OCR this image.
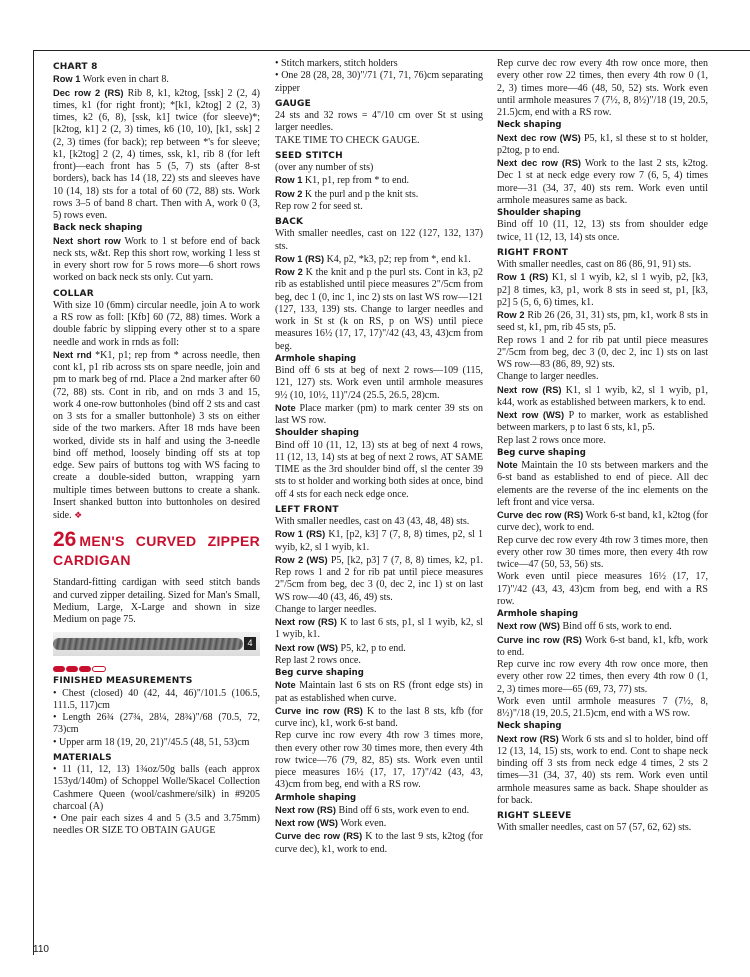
CHART 8

Row 1 Work even in chart 8.

Dec row 2 (RS) Rib 8, k1, k2tog, [ssk] 2 (2, 4) times, k1 (for right front); *[k1, k2tog] 2 (2, 3) times, k2 (6, 8), [ssk, k1] twice (for sleeve)*; [k2tog, k1] 2 (2, 3) times, k6 (10, 10), [k1, ssk] 2 (2, 3) times (for back); rep between *'s for sleeve; k1, [k2tog] 2 (2, 4) times, ssk, k1, rib 8 (for left front)—each front has 5 (5, 7) sts (after 8-st borders), back has 14 (18, 22) sts and sleeves have 10 (14, 18) sts for a total of 60 (72, 88) sts. Work rows 3–5 of band 8 chart. Then with A, work 0 (3, 5) rows even.

Back neck shaping

Next short row Work to 1 st before end of back neck sts, w&t. Rep this short row, working 1 less st in every short row for 5 rows more—6 short rows worked on back neck sts only. Cut yarn.

COLLAR

With size 10 (6mm) circular needle, join A to work a RS row as foll: [Kfb] 60 (72, 88) times. Work a double fabric by slipping every other st to a spare needle and work in rnds as foll:

Next rnd *K1, p1; rep from * across needle, then cont k1, p1 rib across sts on spare needle, join and pm to mark beg of rnd. Place a 2nd marker after 60 (72, 88) sts. Cont in rib, and on rnds 3 and 15, work 4 one-row buttonholes (bind off 2 sts and cast on 3 sts for a smaller buttonhole) 3 sts on either side of the two markers. After 18 rnds have been worked, divide sts in half and using the 3-needle bind off method, loosely binding off sts at top edge. Sew pairs of buttons tog with WS facing to create a double-sided button, wrapping yarn multiple times between buttons to create a shank. Insert shanked button into buttonholes on desired side. ❖

26 MEN'S CURVED ZIPPER CARDIGAN

Standard-fitting cardigan with seed stitch bands and curved zipper detailing. Sized for Man's Small, Medium, Large, X-Large and shown in size Medium on page 75.

4
FINISHED MEASUREMENTS

• Chest (closed) 40 (42, 44, 46)"/101.5 (106.5, 111.5, 117)cm

• Length 26¾ (27¾, 28¼, 28¾)"/68 (70.5, 72, 73)cm

• Upper arm 18 (19, 20, 21)"/45.5 (48, 51, 53)cm

MATERIALS

• 11 (11, 12, 13) 1¾oz/50g balls (each approx 153yd/140m) of Schoppel Wolle/Skacel Collection Cashmere Queen (wool/cashmere/silk) in #9205 charcoal (A)

• One pair each sizes 4 and 5 (3.5 and 3.75mm) needles OR SIZE TO OBTAIN GAUGE

• Stitch markers, stitch holders

• One 28 (28, 28, 30)"/71 (71, 71, 76)cm separating zipper

GAUGE

24 sts and 32 rows = 4"/10 cm over St st using larger needles.

TAKE TIME TO CHECK GAUGE.

SEED STITCH

(over any number of sts)

Row 1 K1, p1, rep from * to end.

Row 2 K the purl and p the knit sts.

Rep row 2 for seed st.

BACK

With smaller needles, cast on 122 (127, 132, 137) sts.

Row 1 (RS) K4, p2, *k3, p2; rep from *, end k1.

Row 2 K the knit and p the purl sts. Cont in k3, p2 rib as established until piece measures 2"/5cm from beg, dec 1 (0, inc 1, inc 2) sts on last WS row—121 (127, 133, 139) sts. Change to larger needles and work in St st (k on RS, p on WS) until piece measures 16½ (17, 17, 17)"/42 (43, 43, 43)cm from beg.

Armhole shaping

Bind off 6 sts at beg of next 2 rows—109 (115, 121, 127) sts. Work even until armhole measures 9½ (10, 10½, 11)"/24 (25.5, 26.5, 28)cm.

Note Place marker (pm) to mark center 39 sts on last WS row.

Shoulder shaping

Bind off 10 (11, 12, 13) sts at beg of next 4 rows, 11 (12, 13, 14) sts at beg of next 2 rows, AT SAME TIME as the 3rd shoulder bind off, sl the center 39 sts to st holder and working both sides at once, bind off 4 sts for each neck edge once.

LEFT FRONT

With smaller needles, cast on 43 (43, 48, 48) sts.

Row 1 (RS) K1, [p2, k3] 7 (7, 8, 8) times, p2, sl 1 wyib, k2, sl 1 wyib, k1.

Row 2 (WS) P5, [k2, p3] 7 (7, 8, 8) times, k2, p1. Rep rows 1 and 2 for rib pat until piece measures 2"/5cm from beg, dec 3 (0, dec 2, inc 1) st on last WS row—40 (43, 46, 49) sts.

Change to larger needles.

Next row (RS) K to last 6 sts, p1, sl 1 wyib, k2, sl 1 wyib, k1.

Next row (WS) P5, k2, p to end.

Rep last 2 rows once.

Beg curve shaping

Note Maintain last 6 sts on RS (front edge sts) in pat as established when curve.

Curve inc row (RS) K to the last 8 sts, kfb (for curve inc), k1, work 6-st band.

Rep curve inc row every 4th row 3 times more, then every other row 30 times more, then every 4th row twice—76 (79, 82, 85) sts. Work even until piece measures 16½ (17, 17, 17)"/42 (43, 43, 43)cm from beg, end with a RS row.

Armhole shaping

Next row (RS) Bind off 6 sts, work even to end.

Next row (WS) Work even.

Curve dec row (RS) K to the last 9 sts, k2tog (for curve dec), k1, work to end.

Rep curve dec row every 4th row once more, then every other row 22 times, then every 4th row 0 (1, 2, 3) times more—46 (48, 50, 52) sts. Work even until armhole measures 7 (7½, 8, 8½)"/18 (19, 20.5, 21.5)cm, end with a RS row.

Neck shaping

Next dec row (WS) P5, k1, sl these st to st holder, p2tog, p to end.

Next dec row (RS) Work to the last 2 sts, k2tog. Dec 1 st at neck edge every row 7 (6, 5, 4) times more—31 (34, 37, 40) sts rem. Work even until armhole measures same as back.

Shoulder shaping

Bind off 10 (11, 12, 13) sts from shoulder edge twice, 11 (12, 13, 14) sts once.

RIGHT FRONT

With smaller needles, cast on 86 (86, 91, 91) sts.

Row 1 (RS) K1, sl 1 wyib, k2, sl 1 wyib, p2, [k3, p2] 8 times, k3, p1, work 8 sts in seed st, p1, [k3, p2] 5 (5, 6, 6) times, k1.

Row 2 Rib 26 (26, 31, 31) sts, pm, k1, work 8 sts in seed st, k1, pm, rib 45 sts, p5.

Rep rows 1 and 2 for rib pat until piece measures 2"/5cm from beg, dec 3 (0, dec 2, inc 1) sts on last WS row—83 (86, 89, 92) sts.

Change to larger needles.

Next row (RS) K1, sl 1 wyib, k2, sl 1 wyib, p1, k44, work as established between markers, k to end.

Next row (WS) P to marker, work as established between markers, p to last 6 sts, k1, p5.

Rep last 2 rows once more.

Beg curve shaping

Note Maintain the 10 sts between markers and the 6-st band as established to end of piece. All dec elements are the reverse of the inc elements on the left front and vice versa.

Curve dec row (RS) Work 6-st band, k1, k2tog (for curve dec), work to end.

Rep curve dec row every 4th row 3 times more, then every other row 30 times more, then every 4th row twice—47 (50, 53, 56) sts.

Work even until piece measures 16½ (17, 17, 17)"/42 (43, 43, 43)cm from beg, end with a RS row.

Armhole shaping

Next row (WS) Bind off 6 sts, work to end.

Curve inc row (RS) Work 6-st band, k1, kfb, work to end.

Rep curve inc row every 4th row once more, then every other row 22 times, then every 4th row 0 (1, 2, 3) times more—65 (69, 73, 77) sts.

Work even until armhole measures 7 (7½, 8, 8½)"/18 (19, 20.5, 21.5)cm, end with a WS row.

Neck shaping

Next row (RS) Work 6 sts and sl to holder, bind off 12 (13, 14, 15) sts, work to end. Cont to shape neck binding off 3 sts from neck edge 4 times, 2 sts 2 times—31 (34, 37, 40) sts rem. Work even until armhole measures same as back. Shape shoulder as for back.

RIGHT SLEEVE

With smaller needles, cast on 57 (57, 62, 62) sts.

110
